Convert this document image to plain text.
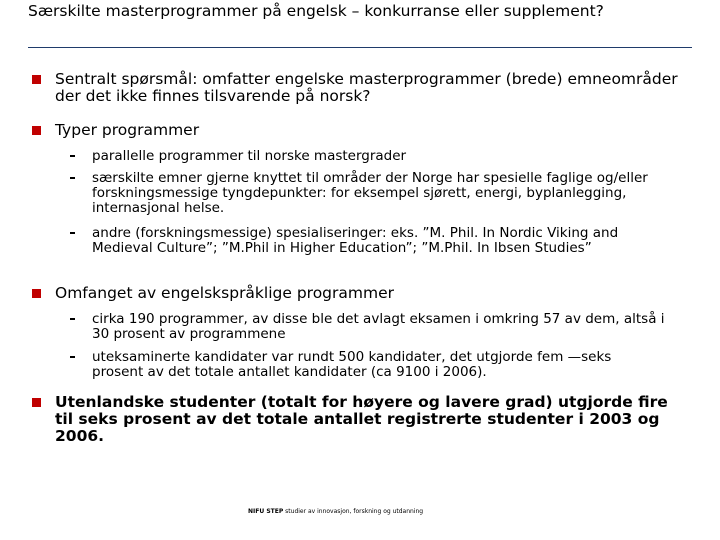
Særskilte masterprogrammer på engelsk – konkurranse eller supplement?
Sentralt spørsmål: omfatter engelske masterprogrammer (brede) emneområder der det ikke finnes tilsvarende på norsk?
Typer programmer
parallelle programmer til norske mastergrader
særskilte emner gjerne knyttet til områder der Norge har spesielle faglige og/eller forskningsmessige tyngdepunkter: for eksempel sjørett, energi, byplanlegging, internasjonal helse.
andre (forskningsmessige) spesialiseringer: eks. ”M. Phil. In Nordic Viking and Medieval Culture”; ”M.Phil in Higher Education”; ”M.Phil. In Ibsen Studies”
Omfanget av engelskspråklige programmer
cirka 190 programmer, av disse ble det avlagt eksamen i omkring 57 av dem, altså i 30 prosent av programmene
uteksaminerte kandidater var rundt 500 kandidater, det utgjorde fem —seks prosent av det totale antallet kandidater (ca 9100 i 2006).
Utenlandske studenter (totalt for høyere og lavere grad) utgjorde fire til seks prosent av det totale antallet registrerte studenter i 2003 og 2006.
NIFU STEP studier av innovasjon, forskning og utdanning
